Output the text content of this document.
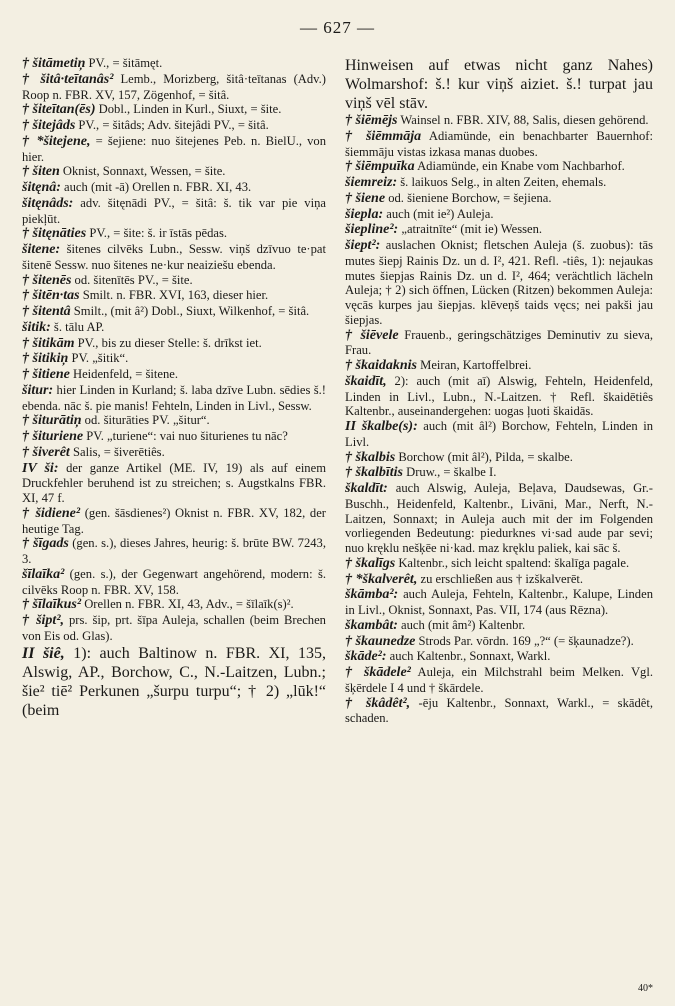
— 627 —

† šitāmetiņ PV., = šitāmęt.

† šitâ·teītanâs² Lemb., Morizberg, šitâ·teītanas (Adv.) Roop n. FBR. XV, 157, Zögenhof, = šitâ.

† šiteītan(ēs) Dobl., Linden in Kurl., Siuxt, = šite.

† šitejâds PV., = šitâds; Adv. šitejâdi PV., = šitâ.

† *šitejene, = šejiene: nuo šitejenes Peb. n. BielU., von hier.

† šiten Oknist, Sonnaxt, Wessen, = šite.

šitęnâ: auch (mit -ā) Orellen n. FBR. XI, 43.

šitęnâds: adv. šitęnādi PV., = šitâ: š. tik var pie viņa piekļūt.

† šitęnāties PV., = šite: š. ir īstās pēdas.

šitene: šitenes cilvēks Lubn., Sessw. viņš dzīvuo te·pat šitenē Sessw. nuo šitenes ne·kur neaiziešu ebenda.

† šitenēs od. šitenītēs PV., = šite.

† šitēn·tas Smilt. n. FBR. XVI, 163, dieser hier.

† šitentâ Smilt., (mit â²) Dobl., Siuxt, Wilkenhof, = šitâ.

šitik: š. tālu AP.

† šitikām PV., bis zu dieser Stelle: š. drīkst iet.

† šitikiņ PV. „šitik“.

† šitiene Heidenfeld, = šitene.

šitur: hier Linden in Kurland; š. laba dzīve Lubn. sēdies š.! ebenda. nāc š. pie manis! Fehteln, Linden in Livl., Sessw.

† šiturātiņ od. šiturāties PV. „šitur“.

† šituriene PV. „turiene“: vai nuo šiturienes tu nāc?

† šiverêt Salis, = šiverētiês.

IV ši: der ganze Artikel (ME. IV, 19) als auf einem Druckfehler beruhend ist zu streichen; s. Augstkalns FBR. XI, 47 f.

† šidiene² (gen. šāsdienes²) Oknist n. FBR. XV, 182, der heutige Tag.

† šīgads (gen. s.), dieses Jahres, heurig: š. brūte BW. 7243, 3.

šīlaīka² (gen. s.), der Gegenwart angehörend, modern: š. cilvēks Roop n. FBR. XV, 158.

† šīlaīkus² Orellen n. FBR. XI, 43, Adv., = šīlaīk(s)².

† šipt², prs. šip, prt. šīpa Auleja, schallen (beim Brechen von Eis od. Glas).

II šiê, 1): auch Baltinow n. FBR. XI, 135, Alswig, AP., Borchow, C., N.-Laitzen, Lubn.; šie² tiē² Perkunen „šurpu turpu“; † 2) „lūk!“ (beim

Hinweisen auf etwas nicht ganz Nahes) Wolmarshof: š.! kur viņš aiziet. š.! turpat jau viņš vēl stāv.

† šiēmējs Wainsel n. FBR. XIV, 88, Salis, diesen gehörend.

† šiēmmāja Adiamünde, ein benachbarter Bauernhof: šiemmāju vistas izkasa manas duobes.

† šiēmpuīka Adiamünde, ein Knabe vom Nachbarhof.

šiemreiz: š. laikuos Selg., in alten Zeiten, ehemals.

† šiene od. šieniene Borchow, = šejiena.

šiepla: auch (mit ie²) Auleja.

šiepline²: „atraitnīte“ (mit ie) Wessen.

šiept²: auslachen Oknist; fletschen Auleja (š. zuobus): tās mutes šiepj Rainis Dz. un d. I², 421. Refl. -tiês, 1): nejaukas mutes šiepjas Rainis Dz. un d. I², 464; verächtlich lächeln Auleja; † 2) sich öffnen, Lücken (Ritzen) bekommen Auleja: vęcās kurpes jau šiepjas. klēveņš taids vęcs; nei pakši jau šiepjas.

† šiēvele Frauenb., geringschätziges Deminutiv zu sieva, Frau.

† škaidaknis Meiran, Kartoffelbrei.

škaidīt, 2): auch (mit aī) Alswig, Fehteln, Heidenfeld, Linden in Livl., Lubn., N.-Laitzen. † Refl. škaidētiês Kaltenbr., auseinandergehen: uogas ļuoti škaidās.

II škalbe(s): auch (mit âl²) Borchow, Fehteln, Linden in Livl.

† škalbis Borchow (mit âl²), Pilda, = skalbe.

† škalbītis Druw., = škalbe I.

škaldīt: auch Alswig, Auleja, Beļava, Daudsewas, Gr.-Buschh., Heidenfeld, Kaltenbr., Livāni, Mar., Nerft, N.-Laitzen, Sonnaxt; in Auleja auch mit der im Folgenden vorliegenden Bedeutung: piedurknes vi·sad aude par sevi; nuo kręklu nešķēe ni·kad. maz kręklu paliek, kai sāc š.

† škalīgs Kaltenbr., sich leicht spaltend: škalīga pagale.

† *škalverêt, zu erschließen aus † izškalverēt.

škāmba²: auch Auleja, Fehteln, Kaltenbr., Kalupe, Linden in Livl., Oknist, Sonnaxt, Pas. VII, 174 (aus Rēzna).

škambât: auch (mit âm²) Kaltenbr.

† škaunedze Strods Par. vōrdn. 169 „?“ (= šķaunadze?).

škāde²: auch Kaltenbr., Sonnaxt, Warkl.

† škādele² Auleja, ein Milchstrahl beim Melken. Vgl. šķērdele I 4 und † škārdele.

† škâdêt², -ēju Kaltenbr., Sonnaxt, Warkl., = skādêt, schaden.

40*
